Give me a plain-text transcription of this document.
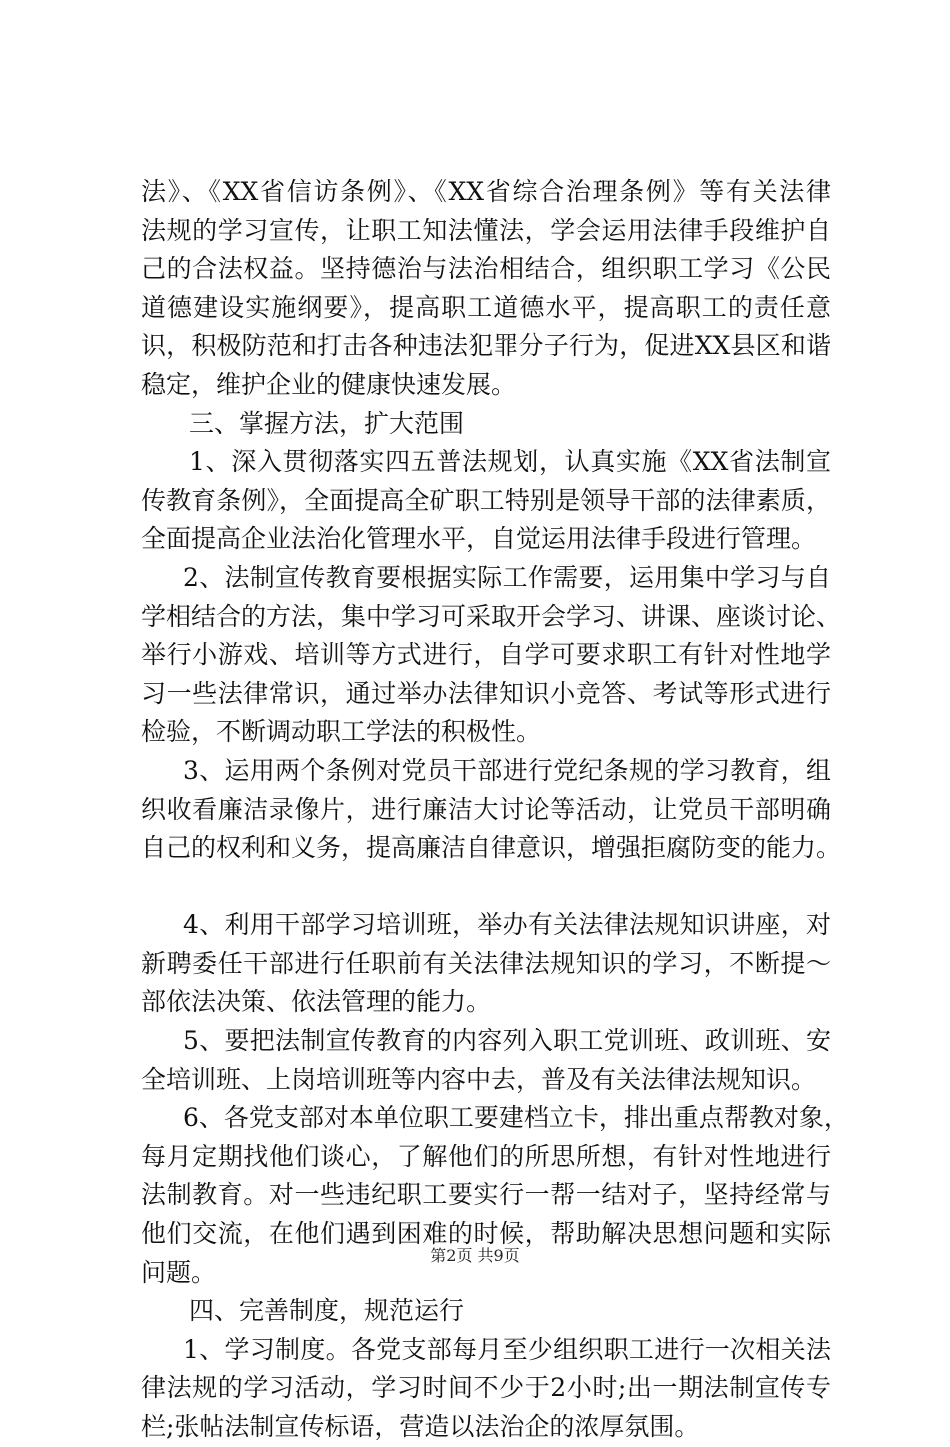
法》、《XX省信访条例》、《XX省综合治理条例》等有关法律
法规的学习宣传，让职工知法懂法，学会运用法律手段维护自
己的合法权益。坚持德治与法治相结合，组织职工学习《公民
道德建设实施纲要》，提高职工道德水平，提高职工的责任意
识，积极防范和打击各种违法犯罪分子行为，促进XX县区和谐
稳定，维护企业的健康快速发展。
三、掌握方法，扩大范围
1、深入贯彻落实四五普法规划，认真实施《XX省法制宣
传教育条例》，全面提高全矿职工特别是领导干部的法律素质，
全面提高企业法治化管理水平，自觉运用法律手段进行管理。
2、法制宣传教育要根据实际工作需要，运用集中学习与自
学相结合的方法，集中学习可采取开会学习、讲课、座谈讨论、
举行小游戏、培训等方式进行，自学可要求职工有针对性地学
习一些法律常识，通过举办法律知识小竞答、考试等形式进行
检验，不断调动职工学法的积极性。
3、运用两个条例对党员干部进行党纪条规的学习教育，组
织收看廉洁录像片，进行廉洁大讨论等活动，让党员干部明确
自己的权利和义务，提高廉洁自律意识，增强拒腐防变的能力。
4、利用干部学习培训班，举办有关法律法规知识讲座，对
新聘委任干部进行任职前有关法律法规知识的学习，不断提～
部依法决策、依法管理的能力。
5、要把法制宣传教育的内容列入职工党训班、政训班、安
全培训班、上岗培训班等内容中去，普及有关法律法规知识。
6、各党支部对本单位职工要建档立卡，排出重点帮教对象，
每月定期找他们谈心，了解他们的所思所想，有针对性地进行
法制教育。对一些违纪职工要实行一帮一结对子，坚持经常与
他们交流，在他们遇到困难的时候，帮助解决思想问题和实际
问题。
四、完善制度，规范运行
1、学习制度。各党支部每月至少组织职工进行一次相关法
律法规的学习活动，学习时间不少于2小时;出一期法制宣传专
栏;张帖法制宣传标语，营造以法治企的浓厚氛围。
第2页 共9页
